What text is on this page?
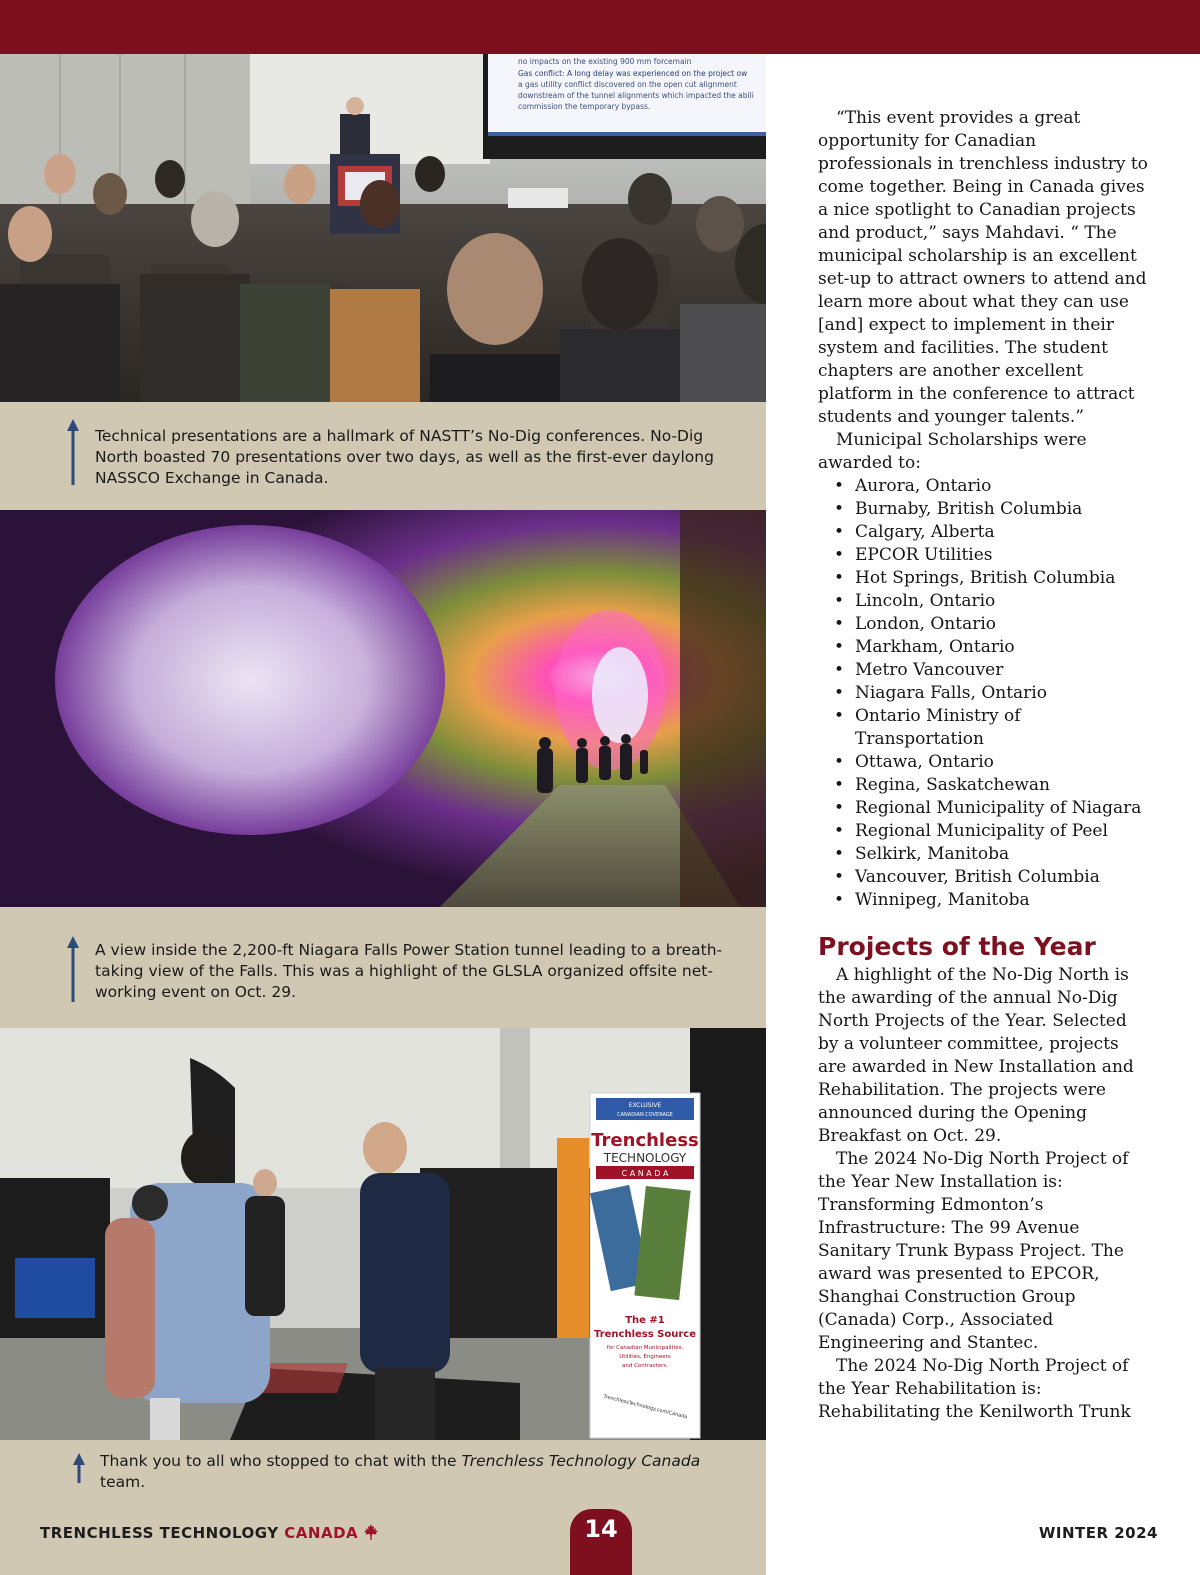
no impacts on the existing 900 mm forcemain
Gas conflict: A long delay was experienced on the project ow
a gas utility conflict discovered on the open cut alignment
downstream of the tunnel alignments which impacted the abili
commission the temporary bypass.
Technical presentations are a hallmark of NASTT’s No-Dig conferences. No-Dig North boasted 70 presentations over two days, as well as the first-ever daylong NASSCO Exchange in Canada.
A view inside the 2,200-ft Niagara Falls Power Station tunnel leading to a breath-taking view of the Falls. This was a highlight of the GLSLA organized offsite net-working event on Oct. 29.
EXCLUSIVE
CANADIAN COVERAGE
Trenchless
TECHNOLOGY
C A N A D A
The #1
Trenchless Source
for Canadian Municipalities,
Utilities, Engineers
and Contractors.
TrenchlessTechnology.com/Canada
Thank you to all who stopped to chat with the Trenchless Technology Canada team.

“This event provides a great opportunity for Canadian professionals in trenchless industry to come together. Being in Canada gives a nice spotlight to Canadian projects and product,” says Mahdavi. “ The municipal scholarship is an excellent set-up to attract owners to attend and learn more about what they can use [and] expect to implement in their system and facilities. The student chapters are another excellent platform in the conference to attract students and younger talents.”

Municipal Scholarships were awarded to:

• Aurora, Ontario
• Burnaby, British Columbia
• Calgary, Alberta
• EPCOR Utilities
• Hot Springs, British Columbia
• Lincoln, Ontario
• London, Ontario
• Markham, Ontario
• Metro Vancouver
• Niagara Falls, Ontario
• Ontario Ministry of Transportation
• Ottawa, Ontario
• Regina, Saskatchewan
• Regional Municipality of Niagara
• Regional Municipality of Peel
• Selkirk, Manitoba
• Vancouver, British Columbia
• Winnipeg, Manitoba
Projects of the Year

A highlight of the No-Dig North is the awarding of the annual No-Dig North Projects of the Year. Selected by a volunteer committee, projects are awarded in New Installation and Rehabilitation. The projects were announced during the Opening Breakfast on Oct. 29.

The 2024 No-Dig North Project of the Year New Installation is: Transforming Edmonton’s Infrastructure: The 99 Avenue Sanitary Trunk Bypass Project. The award was presented to EPCOR, Shanghai Construction Group (Canada) Corp., Associated Engineering and Stantec.

The 2024 No-Dig North Project of the Year Rehabilitation is: Rehabilitating the Kenilworth Trunk

TRENCHLESS TECHNOLOGY CANADA	14	WINTER 2024
